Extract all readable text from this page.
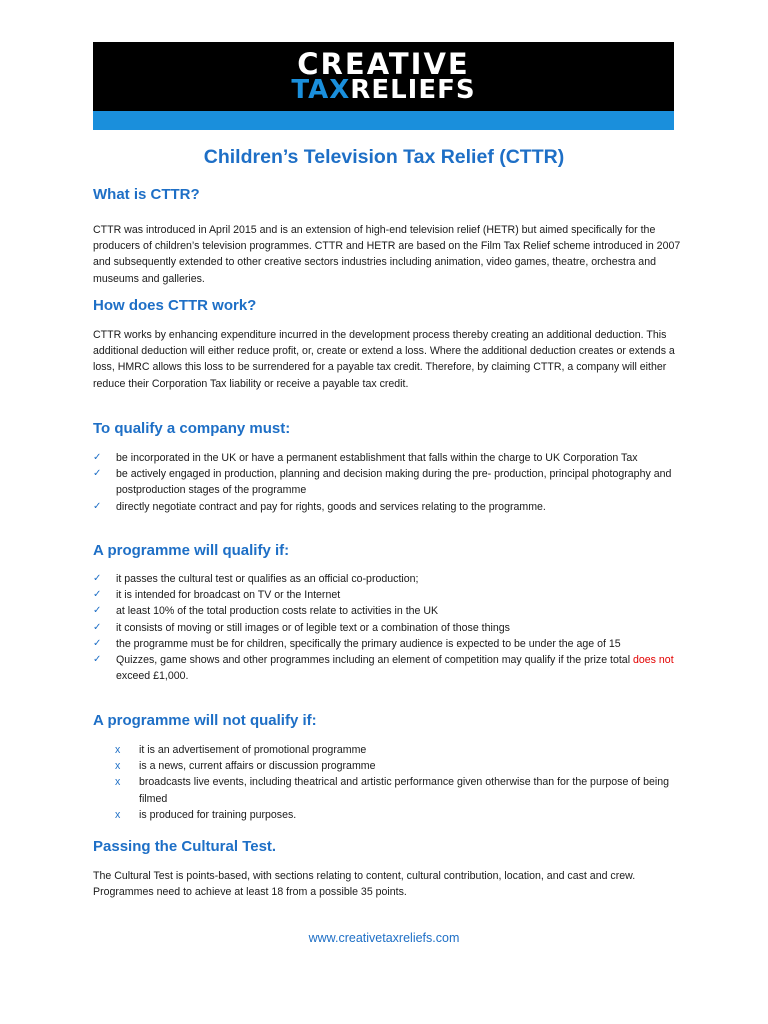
CREATIVE
TAXRELIEFS
Children’s Television Tax Relief (CTTR)
What is CTTR?

CTTR was introduced in April 2015 and is an extension of high-end television relief (HETR) but aimed specifically for the producers of children’s television programmes. CTTR and HETR are based on the Film Tax Relief scheme introduced in 2007 and subsequently extended to other creative sectors industries including animation, video games, theatre, orchestra and museums and galleries.

How does CTTR work?

CTTR works by enhancing expenditure incurred in the development process thereby creating an additional deduction. This additional deduction will either reduce profit, or, create or extend a loss. Where the additional deduction creates or extends a loss, HMRC allows this loss to be surrendered for a payable tax credit. Therefore, by claiming CTTR, a company will either reduce their Corporation Tax liability or receive a payable tax credit.

To qualify a company must:
✓ be incorporated in the UK or have a permanent establishment that falls within the charge to UK Corporation Tax
✓ be actively engaged in production, planning and decision making during the pre- production, principal photography and postproduction stages of the programme
✓ directly negotiate contract and pay for rights, goods and services relating to the programme.
A programme will qualify if:
✓ it passes the cultural test or qualifies as an official co-production;
✓ it is intended for broadcast on TV or the Internet
✓ at least 10% of the total production costs relate to activities in the UK
✓ it consists of moving or still images or of legible text or a combination of those things
✓ the programme must be for children, specifically the primary audience is expected to be under the age of 15
✓ Quizzes, game shows and other programmes including an element of competition may qualify if the prize total does not exceed £1,000.
A programme will not qualify if:
x it is an advertisement of promotional programme
x is a news, current affairs or discussion programme
x broadcasts live events, including theatrical and artistic performance given otherwise than for the purpose of being filmed
x is produced for training purposes.
Passing the Cultural Test.

The Cultural Test is points-based, with sections relating to content, cultural contribution, location, and cast and crew. Programmes need to achieve at least 18 from a possible 35 points.

www.creativetaxreliefs.com
